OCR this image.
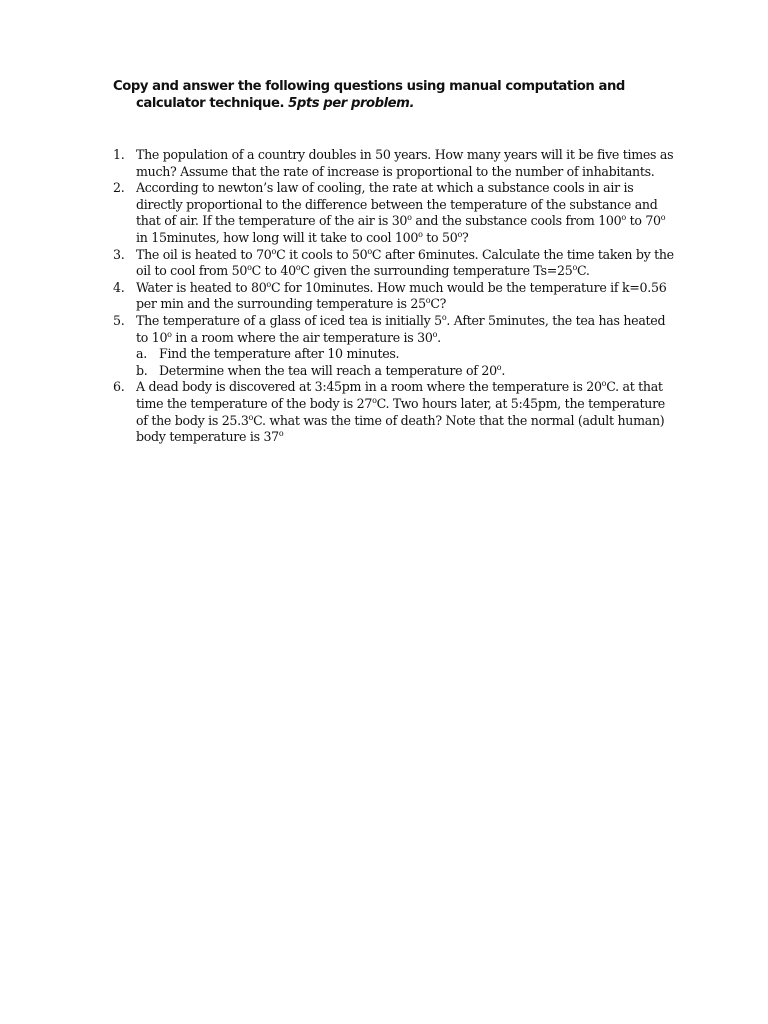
Copy and answer the following questions using manual computation and calculator technique. 5pts per problem.
1. The population of a country doubles in 50 years. How many years will it be five times as much? Assume that the rate of increase is proportional to the number of inhabitants.
2. According to newton’s law of cooling, the rate at which a substance cools in air is directly proportional to the difference between the temperature of the substance and that of air. If the temperature of the air is 30$^o$ and the substance cools from 100$^o$ to 70$^o$ in 15minutes, how long will it take to cool 100$^o$ to 50$^o$?
3. The oil is heated to 70$^o$C it cools to 50$^o$C after 6minutes. Calculate the time taken by the oil to cool from 50$^o$C to 40$^o$C given the surrounding temperature $Ts=25^oC$.
4. Water is heated to 80$^o$C for 10minutes. How much would be the temperature if k=0.56 per min and the surrounding temperature is 25$^o$C?
5. The temperature of a glass of iced tea is initially 5$^o$. After 5minutes, the tea has heated to 10$^o$ in a room where the air temperature is 30$^o$.
a. Find the temperature after 10 minutes.
b. Determine when the tea will reach a temperature of 20$^o$.
6. A dead body is discovered at 3:45pm in a room where the temperature is 20$^o$C. at that time the temperature of the body is 27$^o$C. Two hours later, at 5:45pm, the temperature of the body is 25.3$^o$C. what was the time of death? Note that the normal (adult human) body temperature is 37$^o$
